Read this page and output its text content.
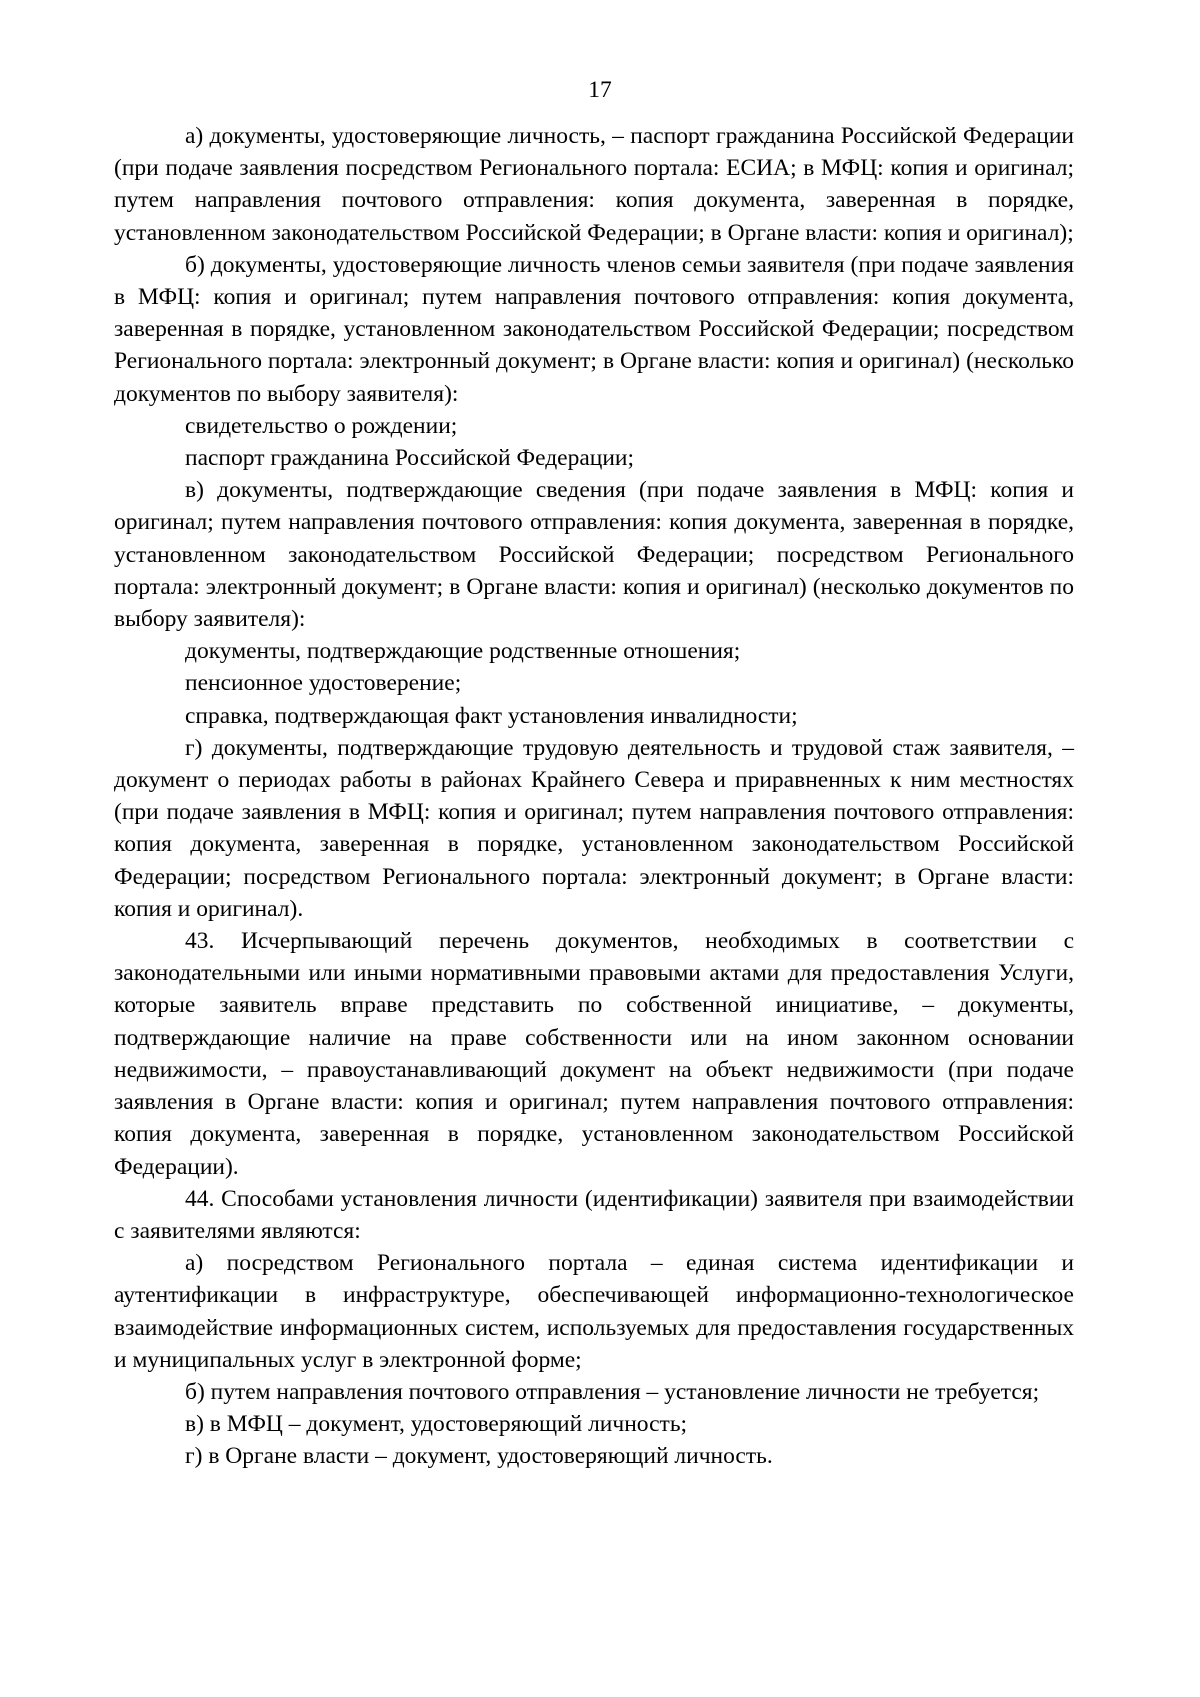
17

а) документы, удостоверяющие личность, – паспорт гражданина Российской Федерации (при подаче заявления посредством Регионального портала: ЕСИА; в МФЦ: копия и оригинал; путем направления почтового отправления: копия документа, заверенная в порядке, установленном законодательством Российской Федерации; в Органе власти: копия и оригинал);

б) документы, удостоверяющие личность членов семьи заявителя (при подаче заявления в МФЦ: копия и оригинал; путем направления почтового отправления: копия документа, заверенная в порядке, установленном законодательством Российской Федерации; посредством Регионального портала: электронный документ; в Органе власти: копия и оригинал) (несколько документов по выбору заявителя):

свидетельство о рождении;

паспорт гражданина Российской Федерации;

в) документы, подтверждающие сведения (при подаче заявления в МФЦ: копия и оригинал; путем направления почтового отправления: копия документа, заверенная в порядке, установленном законодательством Российской Федерации; посредством Регионального портала: электронный документ; в Органе власти: копия и оригинал) (несколько документов по выбору заявителя):

документы, подтверждающие родственные отношения;

пенсионное удостоверение;

справка, подтверждающая факт установления инвалидности;

г) документы, подтверждающие трудовую деятельность и трудовой стаж заявителя, – документ о периодах работы в районах Крайнего Севера и приравненных к ним местностях (при подаче заявления в МФЦ: копия и оригинал; путем направления почтового отправления: копия документа, заверенная в порядке, установленном законодательством Российской Федерации; посредством Регионального портала: электронный документ; в Органе власти: копия и оригинал).

43. Исчерпывающий перечень документов, необходимых в соответствии с законодательными или иными нормативными правовыми актами для предоставления Услуги, которые заявитель вправе представить по собственной инициативе, – документы, подтверждающие наличие на праве собственности или на ином законном основании недвижимости, – правоустанавливающий документ на объект недвижимости (при подаче заявления в Органе власти: копия и оригинал; путем направления почтового отправления: копия документа, заверенная в порядке, установленном законодательством Российской Федерации).

44. Способами установления личности (идентификации) заявителя при взаимодействии с заявителями являются:

а) посредством Регионального портала – единая система идентификации и аутентификации в инфраструктуре, обеспечивающей информационно-технологическое взаимодействие информационных систем, используемых для предоставления государственных и муниципальных услуг в электронной форме;

б) путем направления почтового отправления – установление личности не требуется;

в) в МФЦ – документ, удостоверяющий личность;

г) в Органе власти – документ, удостоверяющий личность.
